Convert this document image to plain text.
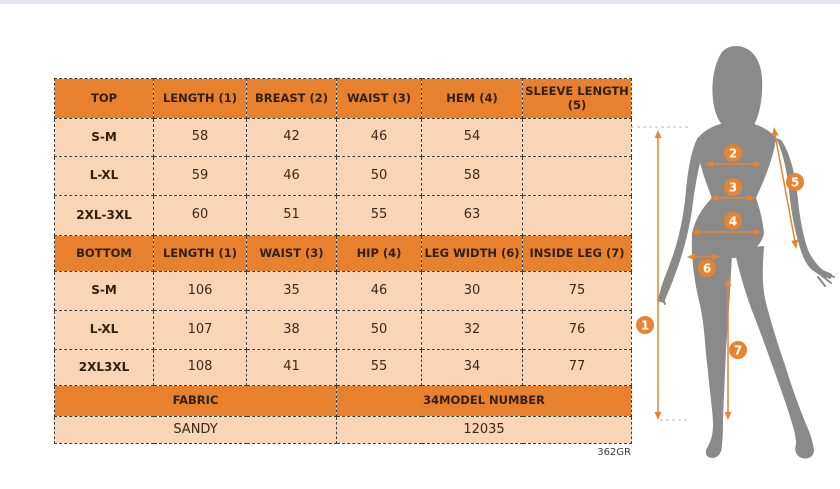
TOP	LENGTH (1)	BREAST (2)	WAIST (3)	HEM (4)	SLEEVE LENGTH (5)
S-M	58	42	46	54	
L-XL	59	46	50	58	
2XL-3XL	60	51	55	63	
BOTTOM	LENGTH (1)	WAIST (3)	HIP (4)	LEG WIDTH (6)	INSIDE LEG (7)
S-M	106	35	46	30	75
L-XL	107	38	50	32	76
2XL3XL	108	41	55	34	77
FABRIC			34MODEL NUMBER		
SANDY			12035		
362GR
1
2
3
4
5
6
7
